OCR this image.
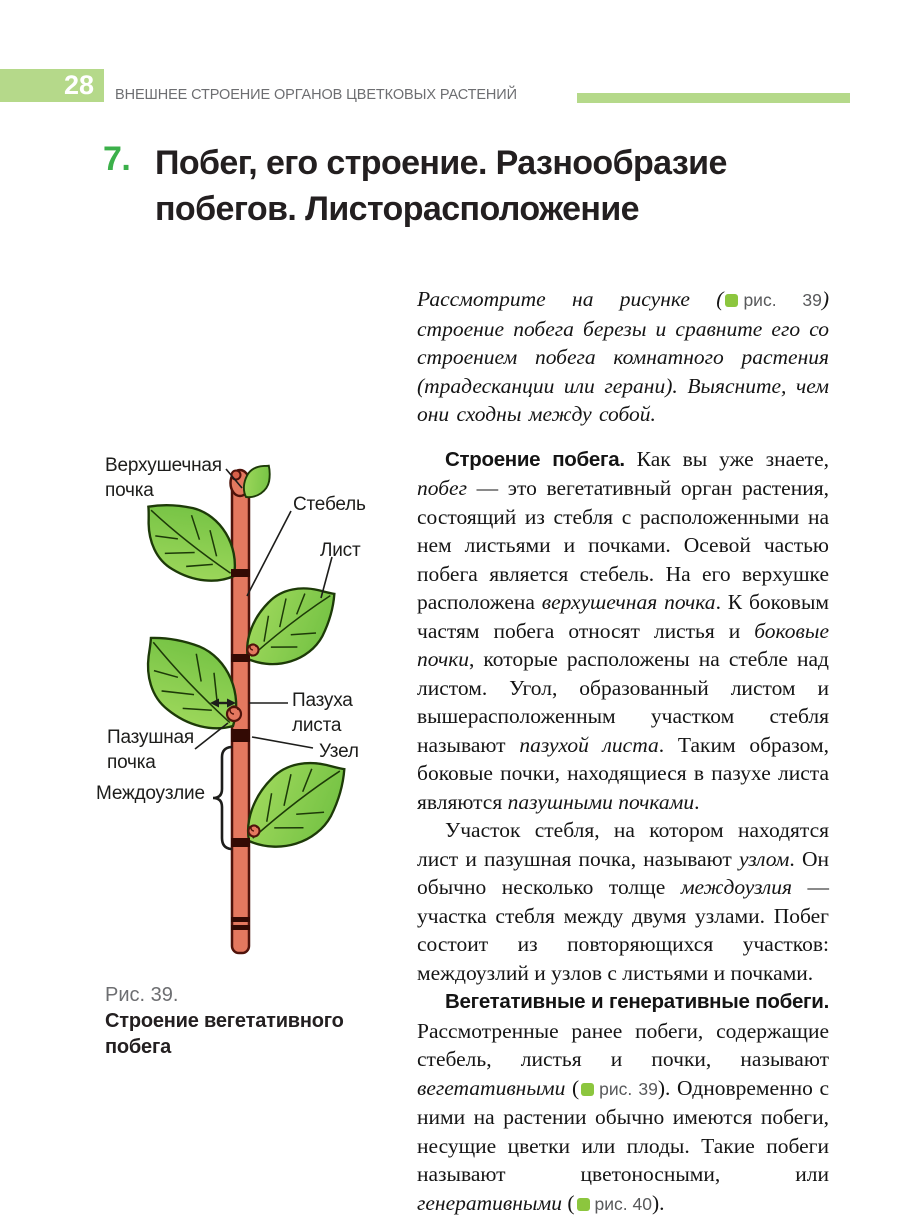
28 ВНЕШНЕЕ СТРОЕНИЕ ОРГАНОВ ЦВЕТКОВЫХ РАСТЕНИЙ
7. Побег, его строение. Разнообразие
побегов. Листорасположение
Верхушечная
почка
Стебель
Лист
Пазуха
листа
Пазушная
почка
Узел
Междоузлие
Рис. 39.
Строение вегетативного побега

Рассмотрите на рисунке ( рис. 39) строение побега березы и сравните его со строением побега комнатного растения (традесканции или герани). Выясните, чем они сходны между собой.

Строение побега. Как вы уже знаете, побег — это вегетативный орган растения, состоящий из стебля с расположенными на нем листьями и почками. Осевой частью побега является стебель. На его верхушке расположена верхушечная почка. К боковым частям побега относят листья и боковые почки, которые расположены на стебле над листом. Угол, образованный листом и вышерасположенным участком стебля называют пазухой листа. Таким образом, боковые почки, находящиеся в пазухе листа являются пазушными почками.

Участок стебля, на котором находятся лист и пазушная почка, называют узлом. Он обычно несколько толще междоузлия — участка стебля между двумя узлами. Побег состоит из повторяющихся участков: междоузлий и узлов с листьями и почками.

Вегетативные и генеративные побеги. Рассмотренные ранее побеги, содержащие стебель, листья и почки, называют вегетативными ( рис. 39). Одновременно с ними на растении обычно имеются побеги, несущие цветки или плоды. Такие побеги называют цветоносными, или генеративными ( рис. 40).
